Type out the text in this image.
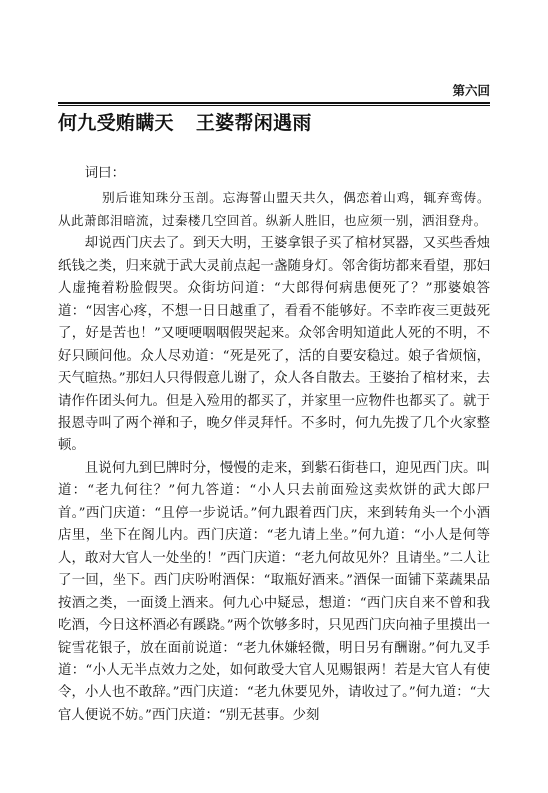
第六回
何九受贿瞒天 王婆帮闲遇雨

词曰：

别后谁知珠分玉剖。忘海誓山盟天共久，偶恋着山鸡，辄弃鸾俦。从此萧郎泪暗流，过秦楼几空回首。纵新人胜旧，也应须一别，洒泪登舟。

却说西门庆去了。到天大明，王婆拿银子买了棺材冥器，又买些香烛纸钱之类，归来就于武大灵前点起一盏随身灯。邻舍街坊都来看望，那妇人虚掩着粉脸假哭。众街坊问道：“大郎得何病患便死了？”那婆娘答道：“因害心疼，不想一日日越重了，看看不能够好。不幸昨夜三更鼓死了，好是苦也！”又哽哽咽咽假哭起来。众邻舍明知道此人死的不明，不好只顾问他。众人尽劝道：“死是死了，活的自要安稳过。娘子省烦恼，天气暄热。”那妇人只得假意儿谢了，众人各自散去。王婆抬了棺材来，去请作仵团头何九。但是入殓用的都买了，并家里一应物件也都买了。就于报恩寺叫了两个禅和子，晚夕伴灵拜忏。不多时，何九先拨了几个火家整顿。

且说何九到巳牌时分，慢慢的走来，到紫石街巷口，迎见西门庆。叫道：“老九何往？”何九答道：“小人只去前面殓这卖炊饼的武大郎尸首。”西门庆道：“且停一步说话。”何九跟着西门庆，来到转角头一个小酒店里，坐下在阁儿内。西门庆道：“老九请上坐。”何九道：“小人是何等人，敢对大官人一处坐的！”西门庆道：“老九何故见外？且请坐。”二人让了一回，坐下。西门庆吩咐酒保：“取瓶好酒来。”酒保一面铺下菜蔬果品按酒之类，一面烫上酒来。何九心中疑忌，想道：“西门庆自来不曾和我吃酒，今日这杯酒必有蹊跷。”两个饮够多时，只见西门庆向袖子里摸出一锭雪花银子，放在面前说道：“老九休嫌轻微，明日另有酬谢。”何九叉手道：“小人无半点效力之处，如何敢受大官人见赐银两！若是大官人有使令，小人也不敢辞。”西门庆道：“老九休要见外，请收过了。”何九道：“大官人便说不妨。”西门庆道：“别无甚事。少刻
